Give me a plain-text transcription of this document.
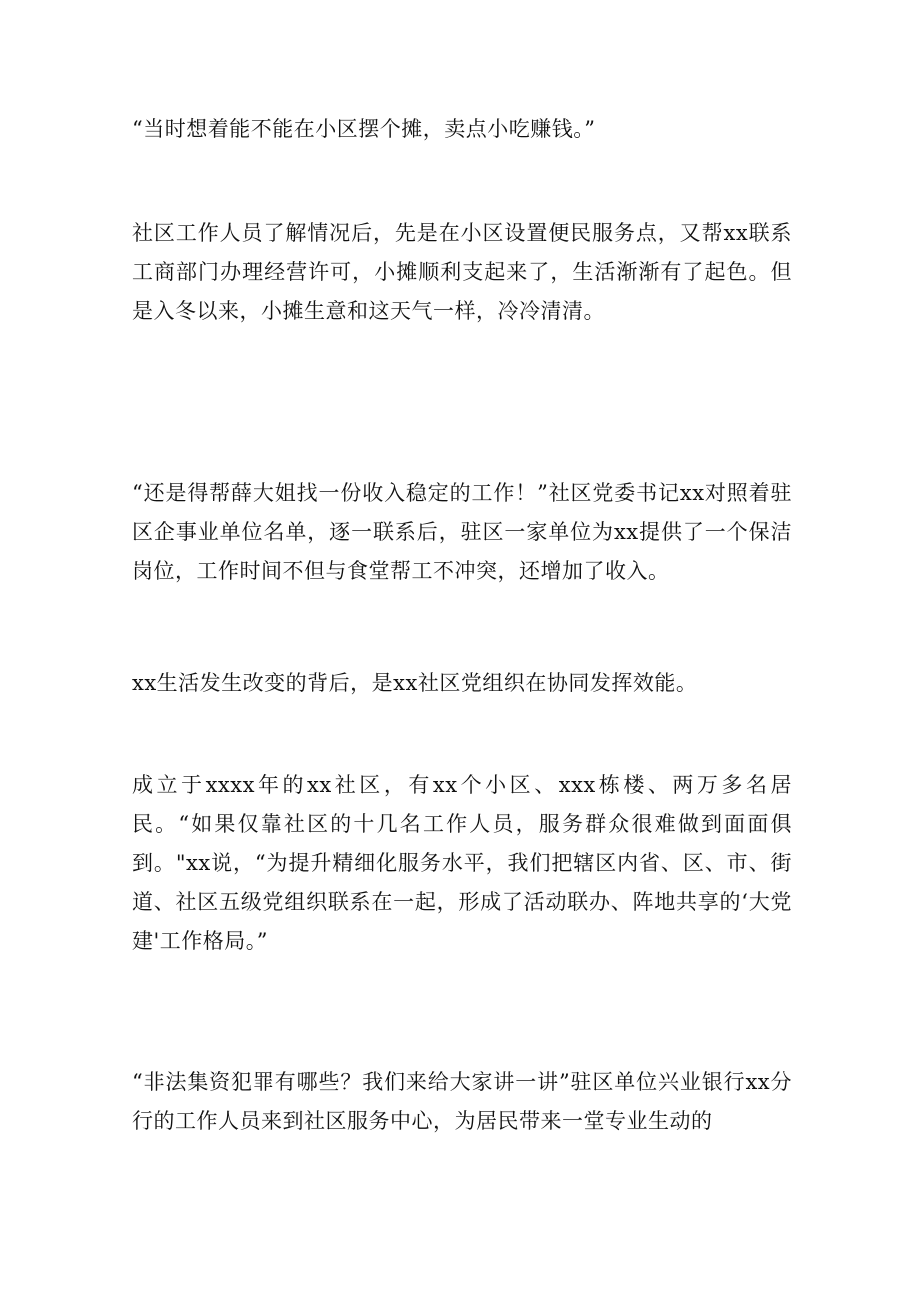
“当时想着能不能在小区摆个摊，卖点小吃赚钱。”

社区工作人员了解情况后，先是在小区设置便民服务点，又帮xx联系工商部门办理经营许可，小摊顺利支起来了，生活渐渐有了起色。但是入冬以来，小摊生意和这天气一样，冷冷清清。

“还是得帮薛大姐找一份收入稳定的工作！”社区党委书记xx对照着驻区企事业单位名单，逐一联系后，驻区一家单位为xx提供了一个保洁岗位，工作时间不但与食堂帮工不冲突，还增加了收入。

xx生活发生改变的背后，是xx社区党组织在协同发挥效能。

成立于xxxx年的xx社区，有xx个小区、xxx栋楼、两万多名居民。“如果仅靠社区的十几名工作人员，服务群众很难做到面面俱到。"xx说，“为提升精细化服务水平，我们把辖区内省、区、市、街道、社区五级党组织联系在一起，形成了活动联办、阵地共享的‘大党建'工作格局。”

“非法集资犯罪有哪些？我们来给大家讲一讲”驻区单位兴业银行xx分行的工作人员来到社区服务中心，为居民带来一堂专业生动的
